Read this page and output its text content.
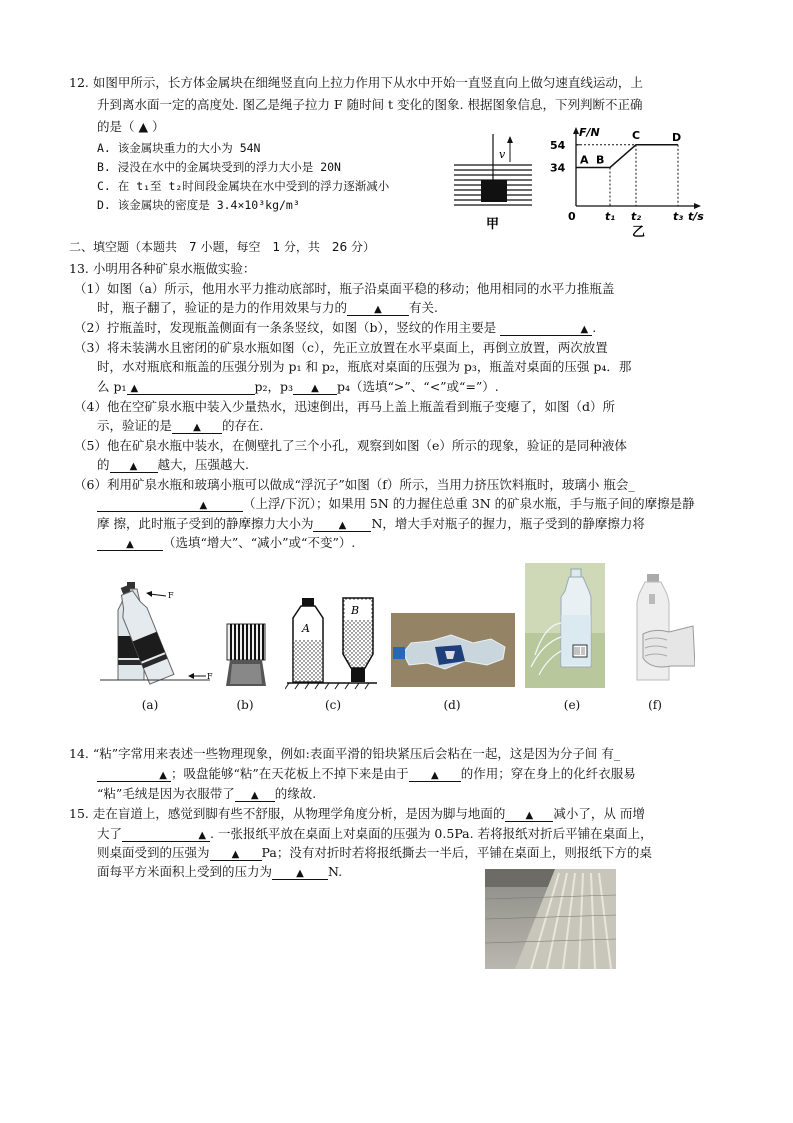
12. 如图甲所示，长方体金属块在细绳竖直向上拉力作用下从水中开始一直竖直向上做匀速直线运动，上
升到离水面一定的高度处. 图乙是绳子拉力 F 随时间 t 变化的图象. 根据图象信息，下列判断不正确
的是（ ▲ ）
A. 该金属块重力的大小为 54N
B. 浸没在水中的金属块受到的浮力大小是 20N
C. 在 t₁至 t₂时间段金属块在水中受到的浮力逐渐减小
D. 该金属块的密度是 3.4×10³kg/m³
v
甲
F/N
t/s
0
34
54
t₁ t₂	t₃
A B
C	D
乙
二、填空题（本题共　7 小题，每空　1 分，共　26 分）
13. 小明用各种矿泉水瓶做实验：
（1）如图（a）所示，他用水平力推动底部时，瓶子沿桌面平稳的移动；他用相同的水平力推瓶盖
时，瓶子翻了，验证的是力的作用效果与力的	▲ 有关.
（2）拧瓶盖时，发现瓶盖侧面有一条条竖纹，如图（b），竖纹的作用主要是	▲ .
（3）将未装满水且密闭的矿泉水瓶如图（c），先正立放置在水平桌面上，再倒立放置，两次放置
时，水对瓶底和瓶盖的压强分别为 p₁ 和 p₂，瓶底对桌面的压强为 p₃，瓶盖对桌面的压强 p₄．那
么 p₁ ▲	p₂，p₃ ▲ p₄（选填“>”、“<”或“=”）.
（4）他在空矿泉水瓶中装入少量热水，迅速倒出，再马上盖上瓶盖看到瓶子变瘪了，如图（d）所
示，验证的是 ▲ 的存在.
（5）他在矿泉水瓶中装水，在侧壁扎了三个小孔，观察到如图（e）所示的现象，验证的是同种液体
的 ▲ 越大，压强越大.
（6）利用矿泉水瓶和玻璃小瓶可以做成“浮沉子”如图（f）所示，当用力挤压饮料瓶时，玻璃小 瓶会_
▲	（上浮/下沉）；如果用 5N 的力握住总重 3N 的矿泉水瓶，手与瓶子间的摩擦是静
摩 擦，此时瓶子受到的静摩擦力大小为	▲ N，增大手对瓶子的握力，瓶子受到的静摩擦力将
▲ （选填“增大”、“减小”或“不变”）.
F
F
A
B
(a)	(b)	(c)	(d)	(e)	(f)
14. “粘”字常用来表述一些物理现象，例如:表面平滑的铅块紧压后会粘在一起，这是因为分子间 有_
▲ ；吸盘能够“粘”在天花板上不掉下来是由于 ▲ 的作用；穿在身上的化纤衣服易
“粘”毛绒是因为衣服带了 ▲ 的缘故.
15. 走在盲道上，感觉到脚有些不舒服，从物理学角度分析，是因为脚与地面的 ▲ 减小了，从 而增
大了	▲ . 一张报纸平放在桌面上对桌面的压强为 0.5Pa. 若将报纸对折后平铺在桌面上，
则桌面受到的压强为 ▲ Pa；没有对折时若将报纸撕去一半后，平铺在桌面上，则报纸下方的桌
面每平方米面积上受到的压力为 ▲ N.
